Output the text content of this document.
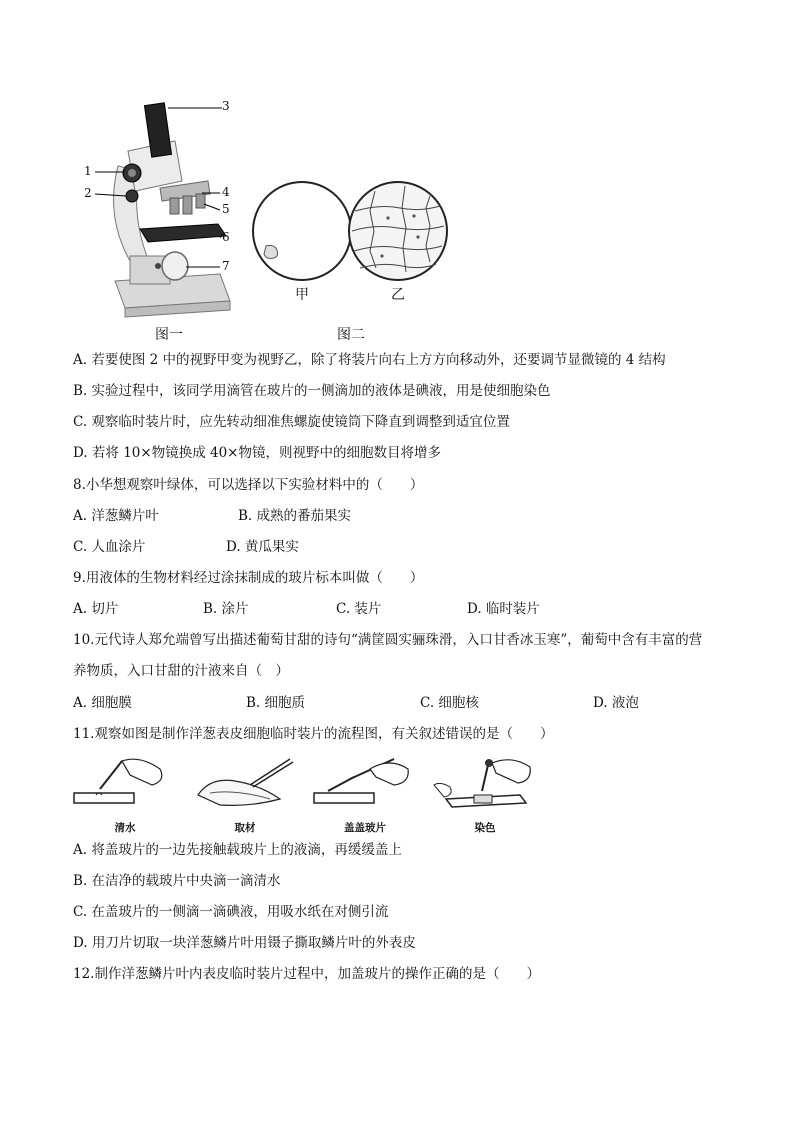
3
1
2	4
5
6
7
甲	乙
图一	图二
A. 若要使图 2 中的视野甲变为视野乙，除了将装片向右上方方向移动外，还要调节显微镜的 4 结构
B. 实验过程中，该同学用滴管在玻片的一侧滴加的液体是碘液，用是使细胞染色
C. 观察临时装片时，应先转动细准焦螺旋使镜筒下降直到调整到适宜位置
D. 若将 10×物镜换成 40×物镜，则视野中的细胞数目将增多
8.小华想观察叶绿体，可以选择以下实验材料中的（　　）
A. 洋葱鳞片叶	B. 成熟的番茄果实
C. 人血涂片	D. 黄瓜果实
9.用液体的生物材料经过涂抹制成的玻片标本叫做（　　）
A. 切片	B. 涂片	C. 装片	D. 临时装片
10.元代诗人郑允端曾写出描述葡萄甘甜的诗句“满筐圆实骊珠滑，入口甘香冰玉寒”，葡萄中含有丰富的营
养物质，入口甘甜的汁液来自（　）
A. 细胞膜	B. 细胞质	C. 细胞核	D. 液泡
11.观察如图是制作洋葱表皮细胞临时装片的流程图，有关叙述错误的是（　　）
清水	取材	盖盖玻片	染色
A. 将盖玻片的一边先接触载玻片上的液滴，再缓缓盖上
B. 在洁净的载玻片中央滴一滴清水
C. 在盖玻片的一侧滴一滴碘液，用吸水纸在对侧引流
D. 用刀片切取一块洋葱鳞片叶用镊子撕取鳞片叶的外表皮
12.制作洋葱鳞片叶内表皮临时装片过程中，加盖玻片的操作正确的是（　　）
